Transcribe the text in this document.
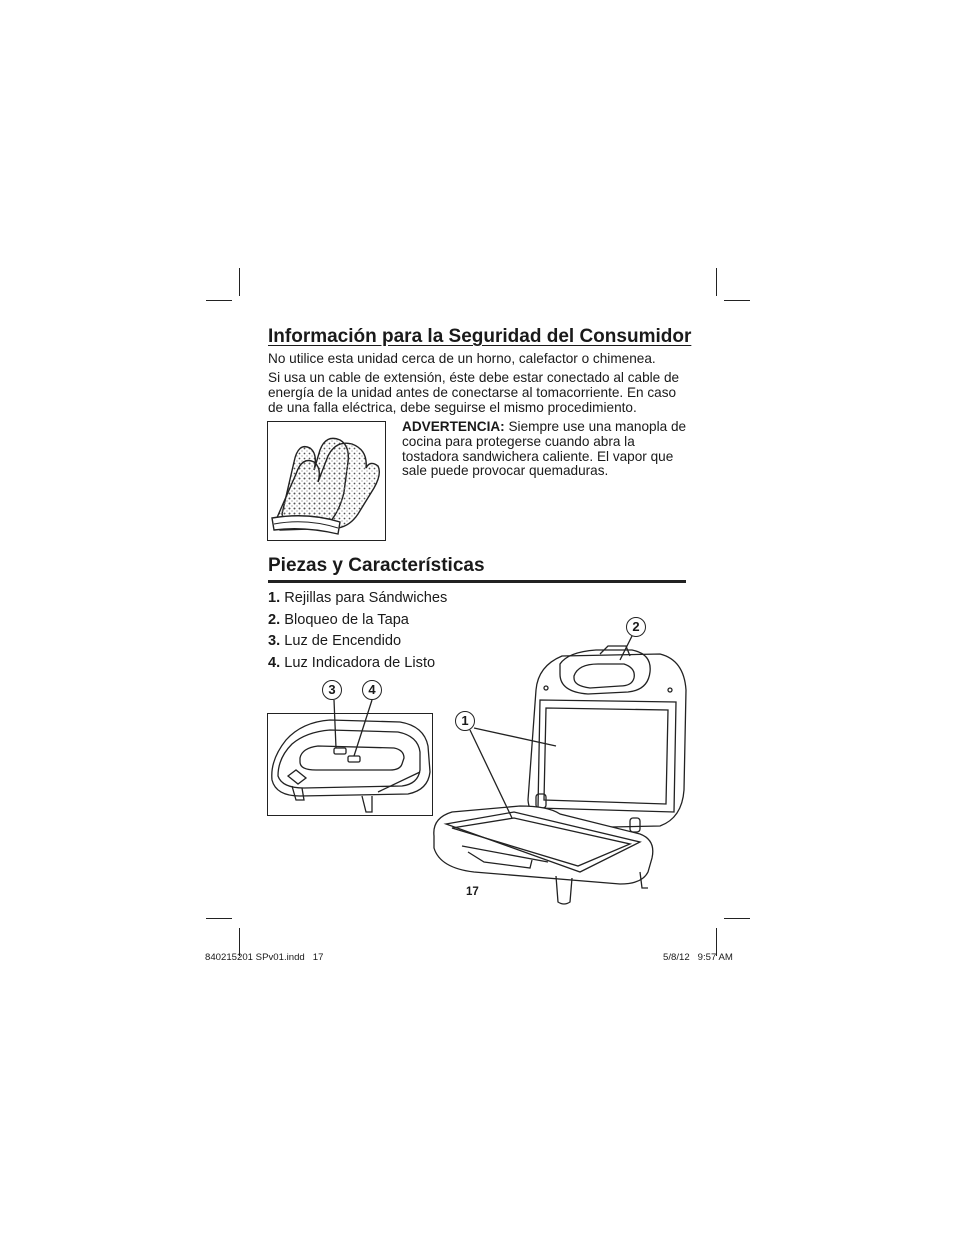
Información para la Seguridad del Consumidor
No utilice esta unidad cerca de un horno, calefactor o chimenea.
Si usa un cable de extensión, éste debe estar conectado al cable de energía de la unidad antes de conectarse al tomacorriente. En caso de una falla eléctrica, debe seguirse el mismo procedimiento.
ADVERTENCIA: Siempre use una manopla de cocina para protegerse cuando abra la tostadora sandwichera caliente. El vapor que sale puede provocar quemaduras.
Piezas y Características
1. Rejillas para Sándwiches
2. Bloqueo de la Tapa
3. Luz de Encendido
4. Luz Indicadora de Listo
1
2
3	4
17
840215201 SPv01.indd   17	5/8/12   9:57 AM
